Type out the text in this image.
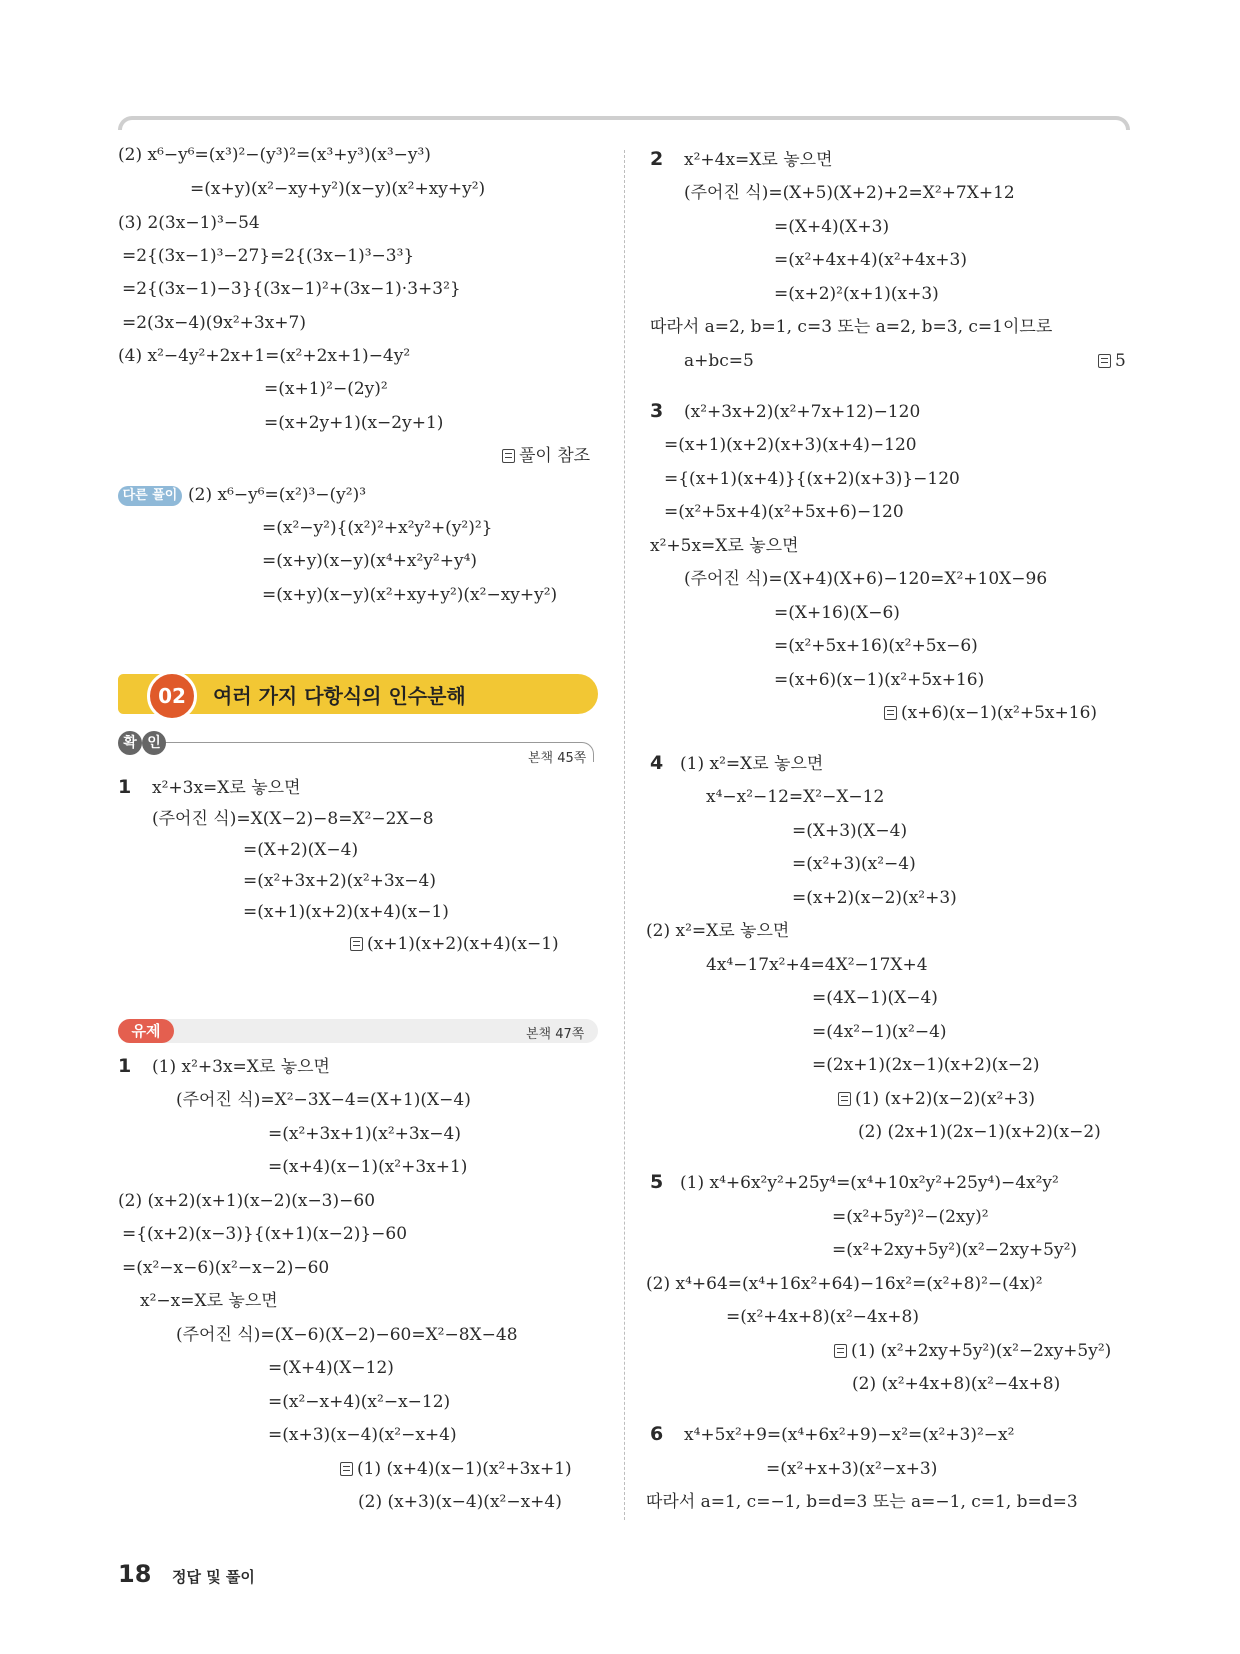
(2) x⁶−y⁶=(x³)²−(y³)²=(x³+y³)(x³−y³)
=(x+y)(x²−xy+y²)(x−y)(x²+xy+y²)
(3) 2(3x−1)³−54
=2{(3x−1)³−27}=2{(3x−1)³−3³}
=2{(3x−1)−3}{(3x−1)²+(3x−1)·3+3²}
=2(3x−4)(9x²+3x+7)
(4) x²−4y²+2x+1=(x²+2x+1)−4y²
=(x+1)²−(2y)²
=(x+2y+1)(x−2y+1)
풀이 참조
다른 풀이 (2) x⁶−y⁶=(x²)³−(y²)³
=(x²−y²){(x²)²+x²y²+(y²)²}
=(x+y)(x−y)(x⁴+x²y²+y⁴)
=(x+y)(x−y)(x²+xy+y²)(x²−xy+y²)
02	여러 가지 다항식의 인수분해
확 인
본책 45쪽
1 x²+3x=X로 놓으면
(주어진 식)=X(X−2)−8=X²−2X−8
=(X+2)(X−4)
=(x²+3x+2)(x²+3x−4)
=(x+1)(x+2)(x+4)(x−1)
(x+1)(x+2)(x+4)(x−1)
유제	본책 47쪽
1 (1) x²+3x=X로 놓으면
(주어진 식)=X²−3X−4=(X+1)(X−4)
=(x²+3x+1)(x²+3x−4)
=(x+4)(x−1)(x²+3x+1)
(2) (x+2)(x+1)(x−2)(x−3)−60
={(x+2)(x−3)}{(x+1)(x−2)}−60
=(x²−x−6)(x²−x−2)−60
x²−x=X로 놓으면
(주어진 식)=(X−6)(X−2)−60=X²−8X−48
=(X+4)(X−12)
=(x²−x+4)(x²−x−12)
=(x+3)(x−4)(x²−x+4)
(1) (x+4)(x−1)(x²+3x+1)
(2) (x+3)(x−4)(x²−x+4)
2 x²+4x=X로 놓으면
(주어진 식)=(X+5)(X+2)+2=X²+7X+12
=(X+4)(X+3)
=(x²+4x+4)(x²+4x+3)
=(x+2)²(x+1)(x+3)
따라서 a=2, b=1, c=3 또는 a=2, b=3, c=1이므로
a+bc=5	5
3 (x²+3x+2)(x²+7x+12)−120
=(x+1)(x+2)(x+3)(x+4)−120
={(x+1)(x+4)}{(x+2)(x+3)}−120
=(x²+5x+4)(x²+5x+6)−120
x²+5x=X로 놓으면
(주어진 식)=(X+4)(X+6)−120=X²+10X−96
=(X+16)(X−6)
=(x²+5x+16)(x²+5x−6)
=(x+6)(x−1)(x²+5x+16)
(x+6)(x−1)(x²+5x+16)
4 (1) x²=X로 놓으면
x⁴−x²−12=X²−X−12
=(X+3)(X−4)
=(x²+3)(x²−4)
=(x+2)(x−2)(x²+3)
(2) x²=X로 놓으면
4x⁴−17x²+4=4X²−17X+4
=(4X−1)(X−4)
=(4x²−1)(x²−4)
=(2x+1)(2x−1)(x+2)(x−2)
(1) (x+2)(x−2)(x²+3)
(2) (2x+1)(2x−1)(x+2)(x−2)
5 (1) x⁴+6x²y²+25y⁴=(x⁴+10x²y²+25y⁴)−4x²y²
=(x²+5y²)²−(2xy)²
=(x²+2xy+5y²)(x²−2xy+5y²)
(2) x⁴+64=(x⁴+16x²+64)−16x²=(x²+8)²−(4x)²
=(x²+4x+8)(x²−4x+8)
(1) (x²+2xy+5y²)(x²−2xy+5y²)
(2) (x²+4x+8)(x²−4x+8)
6 x⁴+5x²+9=(x⁴+6x²+9)−x²=(x²+3)²−x²
=(x²+x+3)(x²−x+3)
따라서 a=1, c=−1, b=d=3 또는 a=−1, c=1, b=d=3
18 정답 및 풀이
